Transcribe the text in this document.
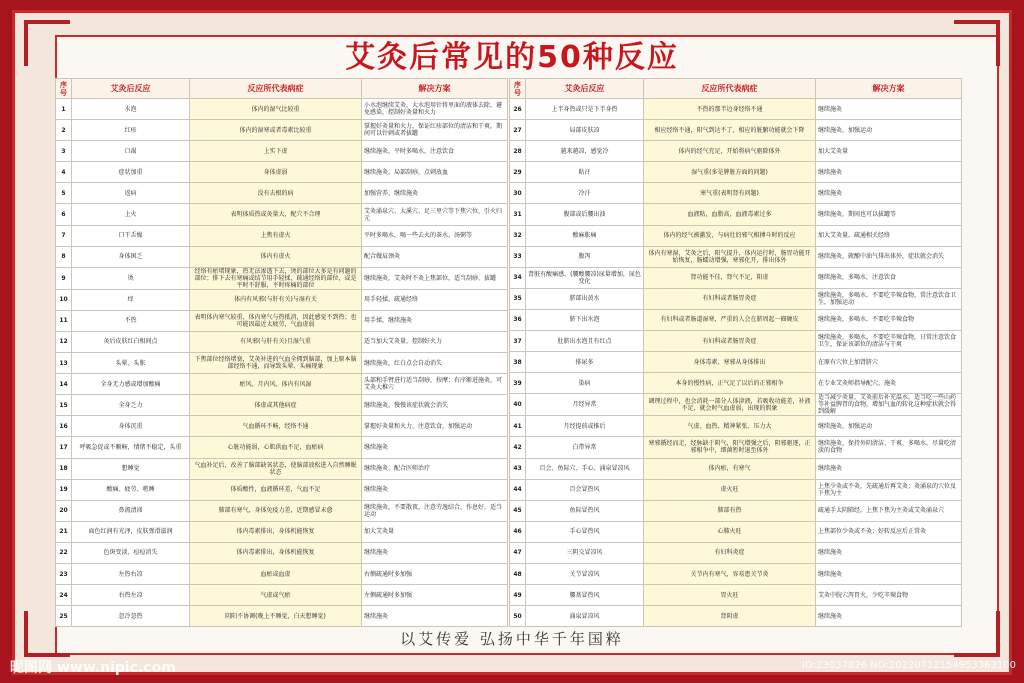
艾灸后常见的50种反应
序号	艾灸后反应	反应所代表病症	解决方案
1	水泡	体内的湿气比较重	小水泡继续艾灸，大水泡用针将里面的液体去除，避免感染，控制好灸量和火力
2	红疹	体内的湿寒或者毒素比较重	掌握好灸量和火力，保证红疹部位的清洁和干爽，期间可以针刺或者拔罐
3	口渴	上实下虚	继续施灸，平时多喝水，注意饮食
4	症状加重	身体虚弱	继续施灸，局部刮痧，点刺放血
5	返病	没有去根的病	加强营养，继续施灸
6	上火	表明体质热或灸量大，配穴不合理	艾灸涌泉穴、太溪穴、足三里穴等下焦穴位，引火归元
7	口干舌燥	上焦有虚火	平时多喝水，喝一些去火的茶水、汤粥等
8	身体困乏	体内有虚火	配合做肩颈灸
9	烫	经络有瘀堵现象，热无法渗透下去，烫的部位大多是有问题的部位；排下去有寒痛或结节用手轻揉，疏通经络的部位，或是平时不舒服，平时疼痛的部位	继续施灸，艾灸时不灸上焦部位，适当刮痧、拔罐
10	痒	体内有风邪(与肝有关)与湿有关	用手轻揉，疏通经络
11	不热	表明体内寒气较重，体内寒气与热抵消，因此感觉不到热；也可能因最近太疲劳，气血虚弱	用手揉，继续施灸
12	灸后皮肤红白相间点	有风邪(与肝有关)且湿气重	适当加大艾灸量，控制好火力
13	头晕、头胀	下焦部位经络堵塞，艾灸补进的气血全拥到脑部，加上原本脑部经络不通，而导致头晕、头痛现象	继续施灸，红白点会自动消失
14	全身无力感或增加酸痛	瘀风、月内风、体内有风湿	头部和手臂进行适当刮痧，按摩；有序渐进施灸，可艾灸大椎穴
15	全身乏力	体虚或其他病症	继续施灸，慢慢该症状就会消失
16	身体沉重	气血循环不畅，经络不通	掌握好灸量和火力，注意饮食，加强运动
17	呼吸急促或不顺畅，情绪不稳定，头重	心脏功能弱，心肌供血不足，血瘀病	继续施灸
18	想睡觉	气血补足后，改善了脑部缺氧状态，使脑部放松进入自然睡眠状态	继续施灸、配合医师治疗
19	酸痛、疲劳、嗜睡	体质酸性，血液循环差，气血不足	继续施灸
20	鼻流清涕	肺部有寒气，身体免疫力差，近期感冒未愈	继续施灸，不要散夜，注意劳逸结合，作息好，适当运动
21	面色红润有光泽，皮肤弹滑滋润	体内毒素排出，身体机能恢复	加大艾灸量
22	色斑变淡、痘痘消失	体内毒素排出，身体机能恢复	继续施灸
23	左热右凉	血瘀或血虚	右侧疏通时多加强
24	右热左凉	气虚或气瘀	左侧疏通时多加强
25	忽冷忽热	阴阳不协调(晚上不睡觉，白天想睡觉)	继续施灸
序号	艾灸后反应	反应所代表病症	解决方案
26	上半身热或只是下半身热	不热的那半边身经络不通	继续施灸
27	局部皮肤凉	相应经络不通，阳气到达不了，相应的脏腑功能就会下降	继续施灸，加强运动
28	越来越凉，感觉冷	体内的经气充足，开始将病气驱除体外	加大艾灸量
29	粘汗	湿气重(多是脾脏方面的问题)	继续施灸
30	冷汗	寒气重(表明肾有问题)	继续施灸
31	腹部或后腰出油	血液粘，血脂高，血液毒素过多	继续施灸，期间也可以拔罐等
32	酸麻胀痛	体内的经气被激发，与病灶的邪气相搏斗时的反应	加大艾灸量，疏通相关经络
33	腹泻	体内有寒湿，艾灸之后，阳气提升，体内运行时，肠胃功能开始恢复，肠蠕动增强，寒邪化开，排出体外	继续施灸，就酿中油气排出体外，症状就会消失
34	肾脏有酸痛感，(腰酸腰凉)尿量增加，尿色变化	肾功能不佳，肾气不足，阳虚	继续施灸，多喝水，注意饮食
35	脐部出黄水	有妇科或者肠胃炎症	继续施灸，多喝水，不要吃辛辣食物，常注意饮食卫生，加强运动
36	脐下出水泡	有妇科或者肠道湿寒，严重的人会在脐周起一圈硬皮	继续施灸，多喝水，不要吃辛辣食物
37	肚脐出水泡且有红点	有妇科或者肠胃炎症	继续施灸，多喝水，不要吃辛辣食物，日常注意饮食卫生，保证该部位的清洁与干爽
38	排尿多	身体毒素、寒邪从身体排出	在原有穴位上加肾脐穴
39	染病	本身的慢性病，正气足了以后的正邪相争	在专业艾灸师指导配穴，施灸
40	月经异常	调理过程中，也会消耗一部分人体津液，若吸收功能差，补液不足，就会时气血虚弱，出现的假象	适当减少灸量，艾灸前后补充温水，适当吃一些山药等补益脾胃的食物，增加气血的转化这种症状就会得到缓解
41	月经提前或推后	气虚、血热、精神紧张、压力大	继续施灸，加强运动
42	白带异常	寒邪循经而走，经脉缺于阴气，阳气增强之后，阴邪驱逐，正邪相争中，细菌暂时退至体外	继续施灸，保持外阴清洁、干爽，多喝水，尽量吃清淡的食物
43	百会、鱼际穴、手心、涌泉冒凉风	体内瘀，有寒气	继续施灸
44	百会冒热风	虚火旺	上焦少灸或不灸，先疏通后再艾灸；灸涌泉的穴位及下焦为主
45	鱼际冒热风	肺部有热	疏通手太阴肺经，上焦下焦为主灸或艾灸涌泉穴
46	手心冒热风	心肺火旺	上焦部位少灸或不灸；好转反应后正常灸
47	三阴交冒凉风	有妇科炎症	继续施灸
48	关节冒凉风	关节内有寒气，容易患关节炎	继续施灸
49	腰基冒热风	胃火旺	艾灸中脘穴泻胃火，少吃辛辣食物
50	涌泉冒凉风	肾阴虚	继续施灸
以艾传爱 弘扬中华千年国粹
昵图网 www.nipic.com	ID:23037826 NO:20220712154953363100
